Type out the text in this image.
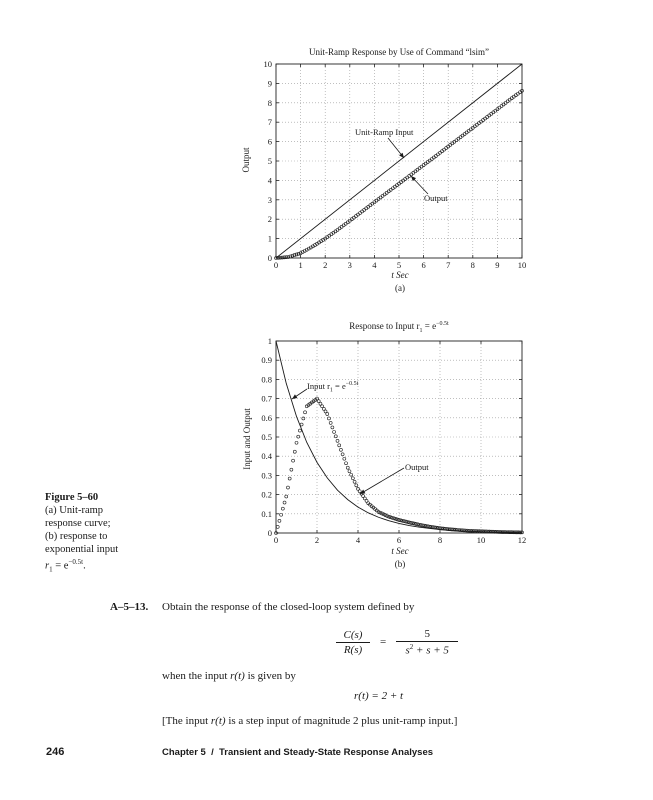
Unit-Ramp Response by Use of Command “lsim”
0 1 2 3 4 5 6 7 8 9 10
0
1
2
3
4
5
6
7
8
9
10
Output
t Sec
(a)
Unit-Ramp Input
Output
Response to Input $r_1 = e^{-0.5t}$
0	2	4	6	8	10	12
0
0.1
0.2
0.3
0.4
0.5
0.6
0.7
0.8
0.9
1
Input and Output
t Sec
(b)
Input $r_1 = e^{-0.5t}$
Output
Figure 5–60
(a) Unit-ramp
response curve;
(b) response to
exponential input
$r_1 = e^{-0.5t}$.
A–5–13. Obtain the response of the closed-loop system defined by
C(s)
R(s)
=
5
$s^2 + s + 5$
when the input r(t) is given by
r(t) = 2 + t
[The input r(t) is a step input of magnitude 2 plus unit-ramp input.]
246	Chapter 5  /  Transient and Steady-State Response Analyses
